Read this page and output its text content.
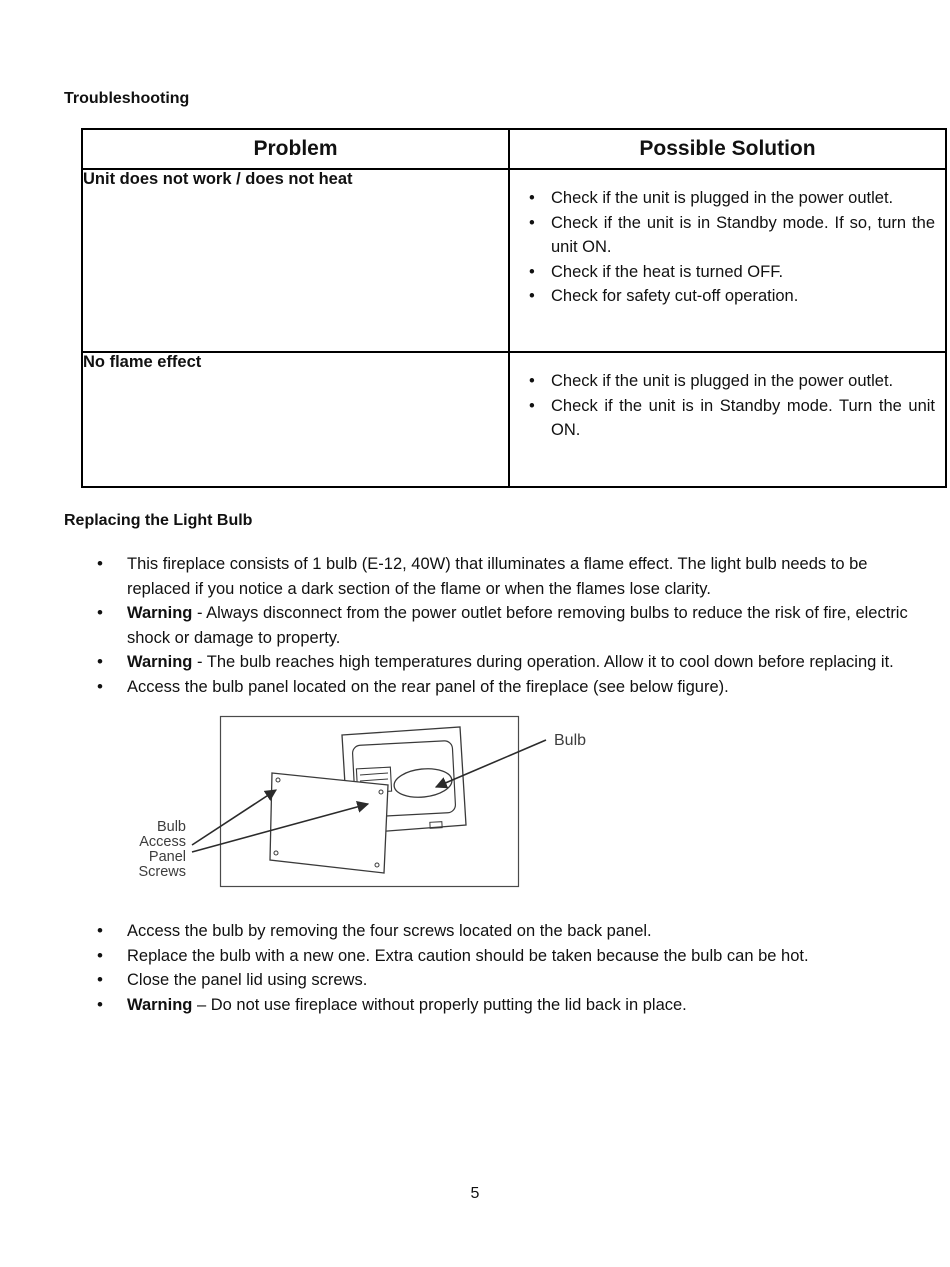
Troubleshooting
Problem	Possible Solution
Unit does not work / does not heat	
• Check if the unit is plugged in the power outlet.
• Check if the unit is in Standby mode. If so, turn the unit ON.
• Check if the heat is turned OFF.
• Check for safety cut-off operation.

No flame effect	
• Check if the unit is plugged in the power outlet.
• Check if the unit is in Standby mode. Turn the unit ON.
Replacing the Light Bulb
• This fireplace consists of 1 bulb (E-12, 40W) that illuminates a flame effect. The light bulb needs to be replaced if you notice a dark section of the flame or when the flames lose clarity.
• Warning - Always disconnect from the power outlet before removing bulbs to reduce the risk of fire, electric shock or damage to property.
• Warning - The bulb reaches high temperatures during operation. Allow it to cool down before replacing it.
• Access the bulb panel located on the rear panel of the fireplace (see below figure).
Bulb
Bulb
Access
Panel
Screws
• Access the bulb by removing the four screws located on the back panel.
• Replace the bulb with a new one. Extra caution should be taken because the bulb can be hot.
• Close the panel lid using screws.
• Warning – Do not use fireplace without properly putting the lid back in place.
5
